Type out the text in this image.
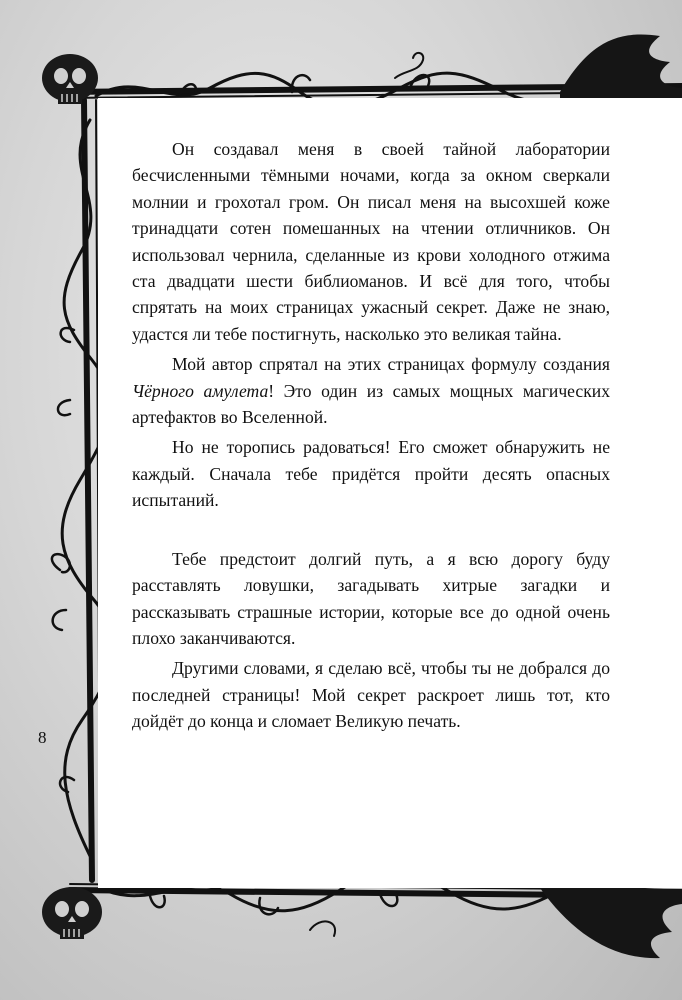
Он создавал меня в своей тайной лаборатории бесчисленными тёмными ночами, когда за окном сверкали молнии и грохотал гром. Он писал меня на высохшей коже тринадцати сотен помешанных на чтении отличников. Он использовал чернила, сделанные из крови холодного отжима ста двадцати шести библиоманов. И всё для того, чтобы спрятать на моих страницах ужасный секрет. Даже не знаю, удастся ли тебе постигнуть, насколько это великая тайна.

Мой автор спрятал на этих страницах формулу создания Чёрного амулета! Это один из самых мощных магических артефактов во Вселенной.

Но не торопись радоваться! Его сможет обнаружить не каждый. Сначала тебе придётся пройти десять опасных испытаний.

Тебе предстоит долгий путь, а я всю дорогу буду расставлять ловушки, загадывать хитрые загадки и рассказывать страшные истории, которые все до одной очень плохо заканчиваются.

Другими словами, я сделаю всё, чтобы ты не добрался до последней страницы! Мой секрет раскроет лишь тот, кто дойдёт до конца и сломает Великую печать.

8
